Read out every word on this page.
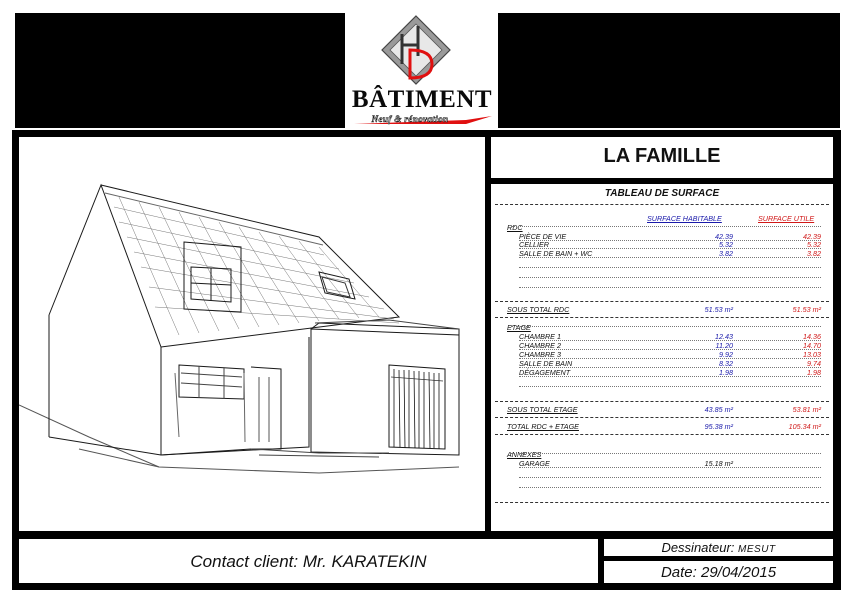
BÂTIMENT
Neuf & rénovation
LA FAMILLE
TABLEAU DE SURFACE
SURFACE HABITABLE	SURFACE UTILE
RDC
PIÈCE DE VIE	42.39	42.39
CELLIER	5.32	5.32
SALLE DE BAIN + WC	3.82	3.82
SOUS TOTAL RDC	51.53 m²	51.53 m²
ETAGE
CHAMBRE 1	12.43	14.36
CHAMBRE 2	11.20	14.70
CHAMBRE 3	9.92	13.03
SALLE DE BAIN	8.32	9.74
DÉGAGEMENT	1.98	1.98
SOUS TOTAL ETAGE	43.85 m²	53.81 m²
TOTAL RDC + ETAGE	95.38 m²	105.34 m²
ANNEXES
GARAGE	15.18 m²
Contact client: Mr. KARATEKIN
Dessinateur: MESUT
Date: 29/04/2015
